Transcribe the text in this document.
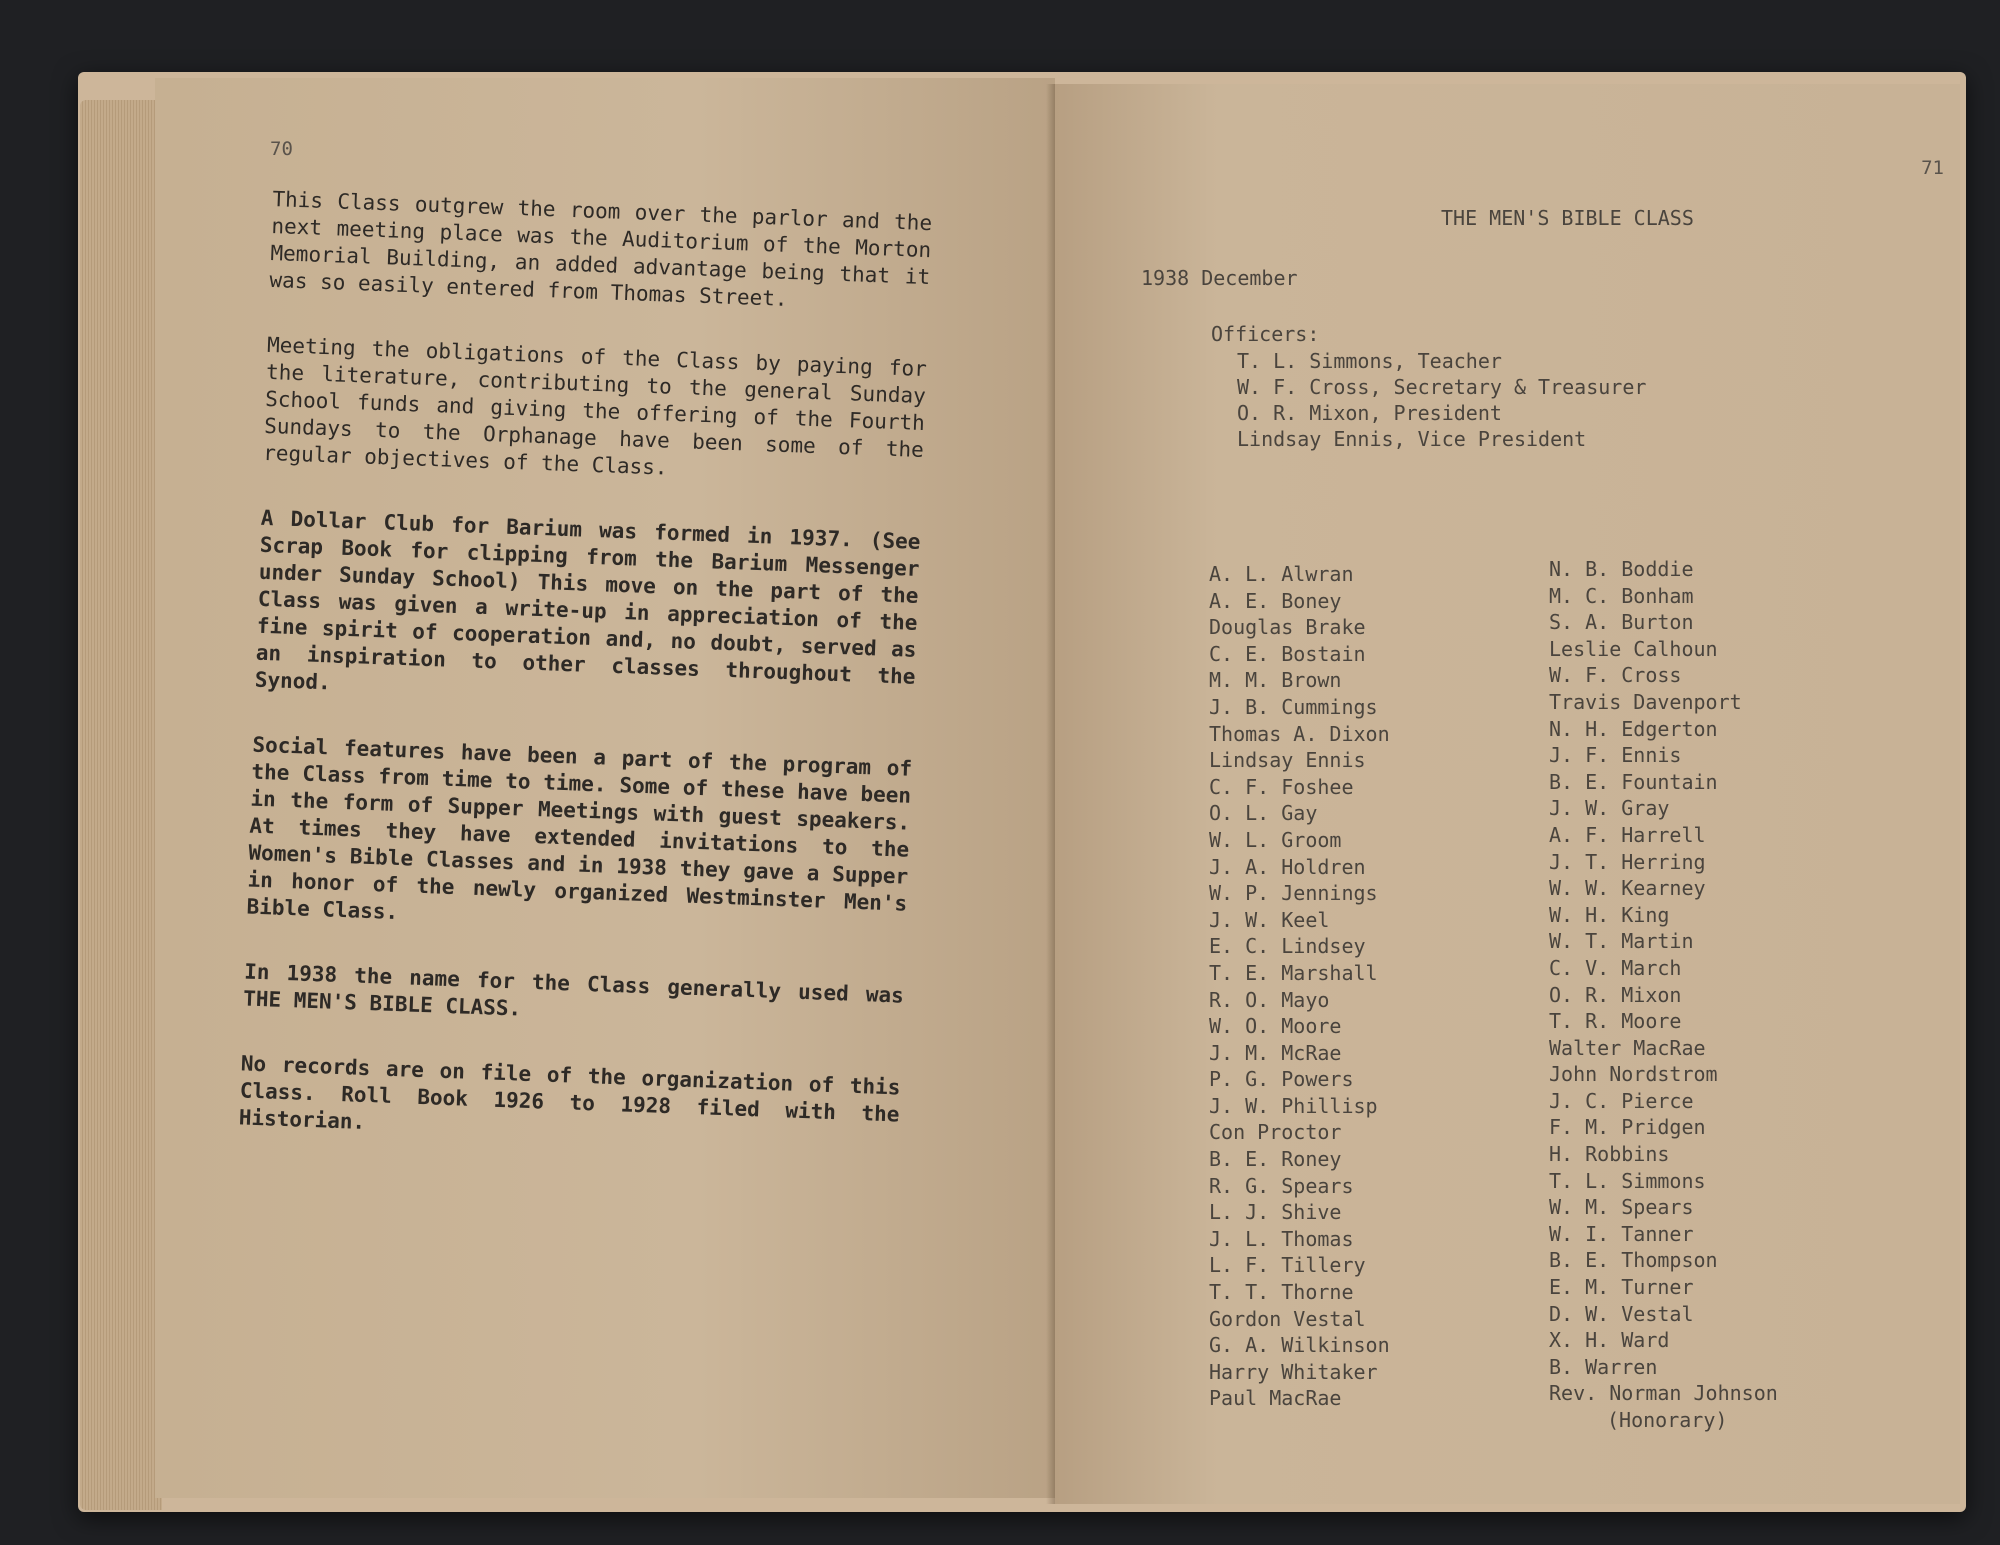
70

This Class outgrew the room over the parlor and the next meeting place was the Auditorium of the Morton Memorial Building, an added advantage being that it was so easily entered from Thomas Street.

Meeting the obligations of the Class by paying for the literature, contributing to the general Sunday School funds and giving the offering of the Fourth Sundays to the Orphanage have been some of the regular objectives of the Class.

A Dollar Club for Barium was formed in 1937. (See Scrap Book for clipping from the Barium Messenger under Sunday School) This move on the part of the Class was given a write-up in appreciation of the fine spirit of cooperation and, no doubt, served as an inspiration to other classes throughout the Synod.

Social features have been a part of the program of the Class from time to time. Some of these have been in the form of Supper Meetings with guest speakers. At times they have extended invitations to the Women's Bible Classes and in 1938 they gave a Supper in honor of the newly organized Westminster Men's Bible Class.

In 1938 the name for the Class generally used was THE MEN'S BIBLE CLASS.

No records are on file of the organization of this Class. Roll Book 1926 to 1928 filed with the Historian.

71
THE MEN'S BIBLE CLASS
1938 December
Officers:
T. L. Simmons, Teacher
W. F. Cross, Secretary & Treasurer
O. R. Mixon, President
Lindsay Ennis, Vice President
A. L. Alwran
A. E. Boney
Douglas Brake
C. E. Bostain
M. M. Brown
J. B. Cummings
Thomas A. Dixon
Lindsay Ennis
C. F. Foshee
O. L. Gay
W. L. Groom
J. A. Holdren
W. P. Jennings
J. W. Keel
E. C. Lindsey
T. E. Marshall
R. O. Mayo
W. O. Moore
J. M. McRae
P. G. Powers
J. W. Phillisp
Con Proctor
B. E. Roney
R. G. Spears
L. J. Shive
J. L. Thomas
L. F. Tillery
T. T. Thorne
Gordon Vestal
G. A. Wilkinson
Harry Whitaker
Paul MacRae
N. B. Boddie
M. C. Bonham
S. A. Burton
Leslie Calhoun
W. F. Cross
Travis Davenport
N. H. Edgerton
J. F. Ennis
B. E. Fountain
J. W. Gray
A. F. Harrell
J. T. Herring
W. W. Kearney
W. H. King
W. T. Martin
C. V. March
O. R. Mixon
T. R. Moore
Walter MacRae
John Nordstrom
J. C. Pierce
F. M. Pridgen
H. Robbins
T. L. Simmons
W. M. Spears
W. I. Tanner
B. E. Thompson
E. M. Turner
D. W. Vestal
X. H. Ward
B. Warren
Rev. Norman Johnson
(Honorary)
